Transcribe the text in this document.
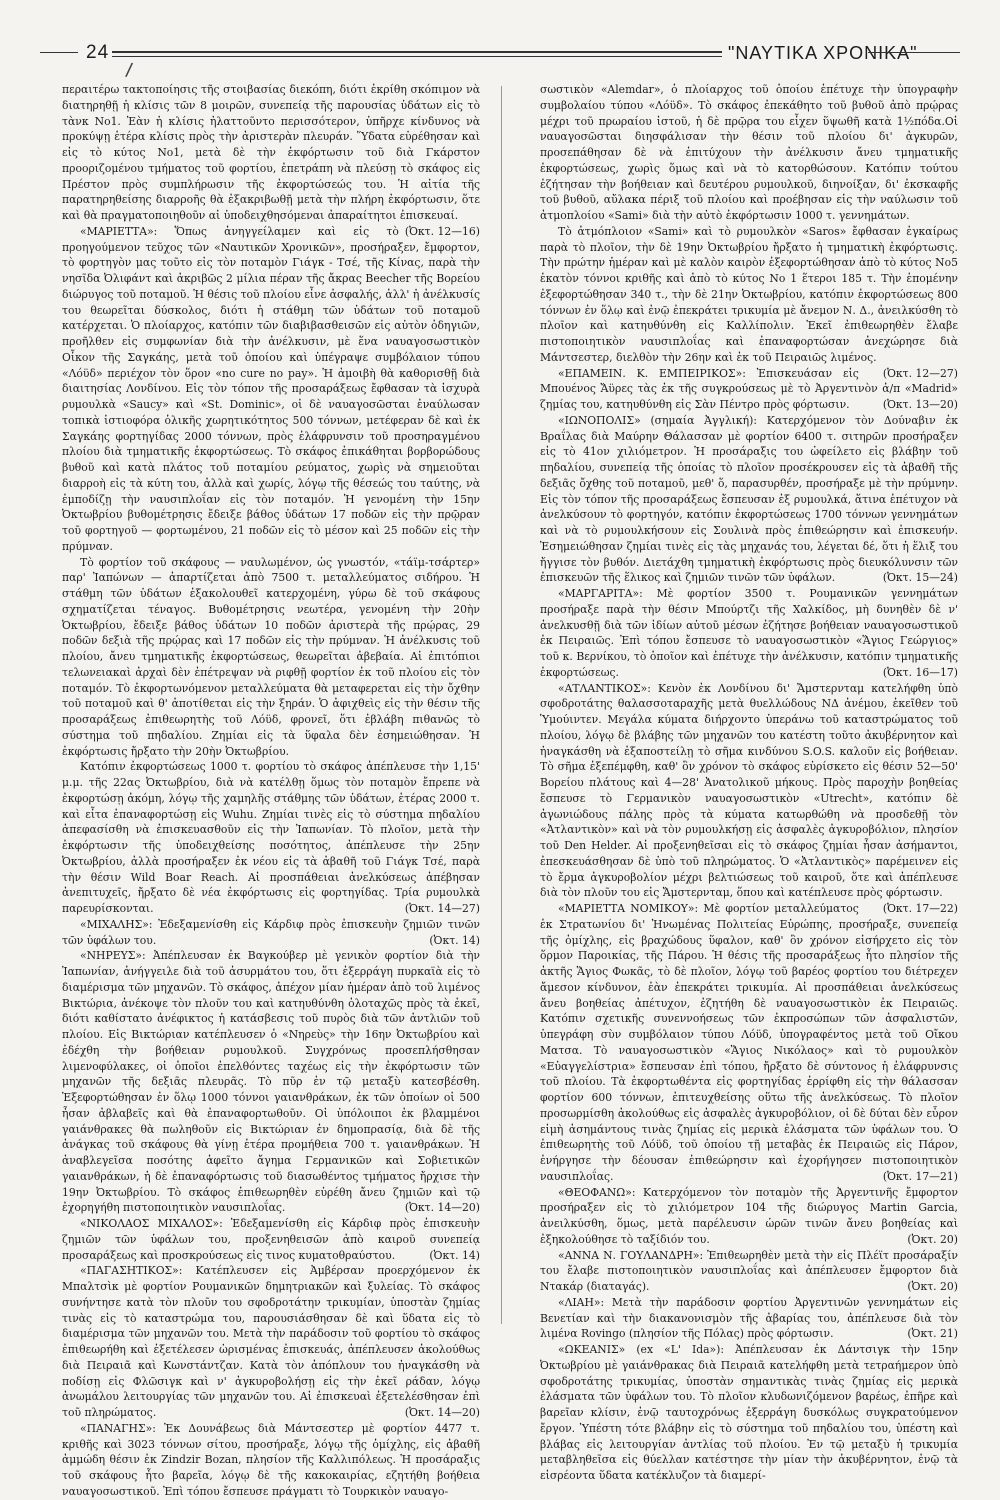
24
/
"ΝΑΥΤΙΚΑ ΧΡΟΝΙΚΑ"

περαιτέρω τακτοποίησις τῆς στοιβασίας διεκόπη, διότι ἐκρίθη σκόπιμον νὰ διατηρηθῇ ἡ κλίσις τῶν 8 μοιρῶν, συνεπείᾳ τῆς παρουσίας ὑδάτων εἰς τὸ τὰνκ Νο1. Ἐὰν ἡ κλίσις ἠλαττοῦντο περισσότερον, ὑπῆρχε κίνδυνος νὰ προκύψῃ ἑτέρα κλίσις πρὸς τὴν ἀριστερὰν πλευράν. Ὕδατα εὑρέθησαν καὶ εἰς τὸ κύτος Νο1, μετὰ δὲ τὴν ἐκφόρτωσιν τοῦ διὰ Γκάρστον προοριζομένου τμήματος τοῦ φορτίου, ἐπετράπη νὰ πλεύσῃ τὸ σκάφος εἰς Πρέστον πρὸς συμπλήρωσιν τῆς ἐκφορτώσεώς του. Ἡ αἰτία τῆς παρατηρηθείσης διαρροῆς θὰ ἐξακριβωθῇ μετὰ τὴν πλήρη ἐκφόρτωσιν, ὅτε καὶ θὰ πραγματοποιηθοῦν αἱ ὑποδειχθησόμεναι ἀπαραίτητοι ἐπισκευαί.
(Ὀκτ. 12—16)

«ΜΑΡΙΕΤΤΑ»: Ὅπως ἀνηγγείλαμεν καὶ εἰς τὸ προηγούμενον τεῦχος τῶν «Ναυτικῶν Χρονικῶν», προσήραξεν, ἔμφορτον, τὸ φορτηγὸν μας τοῦτο εἰς τὸν ποταμὸν Γιάγκ - Τσέ, τῆς Κίνας, παρὰ τὴν νησῖδα Ὀλιφάντ καὶ ἀκριβῶς 2 μίλια πέραν τῆς ἄκρας Beecher τῆς Βορείου διώρυγος τοῦ ποταμοῦ. Ἡ θέσις τοῦ πλοίου εἶνε ἀσφαλής, ἀλλ' ἡ ἀνέλκυσίς του θεωρεῖται δύσκολος, διότι ἡ στάθμη τῶν ὑδάτων τοῦ ποταμοῦ κατέρχεται. Ὁ πλοίαρχος, κατόπιν τῶν διαβιβασθεισῶν εἰς αὐτὸν ὁδηγιῶν, προῆλθεν εἰς συμφωνίαν διὰ τὴν ἀνέλκυσιν, μὲ ἕνα ναυαγοσωστικὸν Οἶκον τῆς Σαγκάης, μετὰ τοῦ ὁποίου καὶ ὑπέγραψε συμβόλαιον τύπου «Λόϋδ» περιέχον τὸν ὅρον «no cure no pay». Ἡ ἀμοιβὴ θὰ καθορισθῇ διὰ διαιτησίας Λονδίνου. Εἰς τὸν τόπον τῆς προσαράξεως ἔφθασαν τὰ ἰσχυρὰ ρυμουλκὰ «Saucy» καὶ «St. Dominic», οἱ δὲ ναυαγοσῶσται ἐναύλωσαν τοπικὰ ἱστιοφόρα ὁλικῆς χωρητικότητος 500 τόννων, μετέφεραν δὲ καὶ ἐκ Σαγκάης φορτηγίδας 2000 τόννων, πρὸς ἐλάφρυνσιν τοῦ προσηραγμένου πλοίου διὰ τμηματικῆς ἐκφορτώσεως. Τὸ σκάφος ἐπικάθηται βορβορώδους βυθοῦ καὶ κατὰ πλάτος τοῦ ποταμίου ρεύματος, χωρὶς νὰ σημειοῦται διαρροὴ εἰς τὰ κύτη του, ἀλλὰ καὶ χωρίς, λόγῳ τῆς θέσεώς του ταύτης, νὰ ἐμποδίζῃ τὴν ναυσιπλοΐαν εἰς τὸν ποταμόν. Ἡ γενομένη τὴν 15ην Ὀκτωβρίου βυθομέτρησις ἔδειξε βάθος ὑδάτων 17 ποδῶν εἰς τὴν πρῷραν τοῦ φορτηγοῦ — φορτωμένου, 21 ποδῶν εἰς τὸ μέσον καὶ 25 ποδῶν εἰς τὴν πρύμναν.

Τὸ φορτίον τοῦ σκάφους — ναυλωμένον, ὡς γνωστόν, «τάϊμ-τσάρτερ» παρ' Ἰαπώνων — ἀπαρτίζεται ἀπὸ 7500 τ. μεταλλεύματος σιδήρου. Ἡ στάθμη τῶν ὑδάτων ἐξακολουθεῖ κατερχομένη, γύρω δὲ τοῦ σκάφους σχηματίζεται τέναγος. Βυθομέτρησις νεωτέρα, γενομένη τὴν 20ὴν Ὀκτωβρίου, ἔδειξε βάθος ὑδάτων 10 ποδῶν ἀριστερὰ τῆς πρῴρας, 29 ποδῶν δεξιὰ τῆς πρῴρας καὶ 17 ποδῶν εἰς τὴν πρύμναν. Ἡ ἀνέλκυσις τοῦ πλοίου, ἄνευ τμηματικῆς ἐκφορτώσεως, θεωρεῖται ἀβεβαία. Αἱ ἐπιτόπιοι τελωνειακαὶ ἀρχαὶ δὲν ἐπέτρεψαν νὰ ριφθῇ φορτίον ἐκ τοῦ πλοίου εἰς τὸν ποταμόν. Τὸ ἐκφορτωνόμενον μεταλλεύματα θὰ μεταφερεται εἰς τὴν ὄχθην τοῦ ποταμοῦ καὶ θ' ἀποτίθεται εἰς τὴν ξηράν. Ὁ ἀφιχθεὶς εἰς τὴν θέσιν τῆς προσαράξεως ἐπιθεωρητὴς τοῦ Λόϋδ, φρονεῖ, ὅτι ἐβλάβη πιθανῶς τὸ σύστημα τοῦ πηδαλίου. Ζημίαι εἰς τὰ ὕφαλα δὲν ἐσημειώθησαν. Ἡ ἐκφόρτωσις ἤρξατο τὴν 20ὴν Ὀκτωβρίου.

Κατόπιν ἐκφορτώσεως 1000 τ. φορτίου τὸ σκάφος ἀπέπλευσε τὴν 1,15' μ.μ. τῆς 22ας Ὀκτωβρίου, διὰ νὰ κατέλθῃ ὅμως τὸν ποταμὸν ἔπρεπε νὰ ἐκφορτώσῃ ἀκόμη, λόγῳ τῆς χαμηλῆς στάθμης τῶν ὑδάτων, ἑτέρας 2000 τ. καὶ εἶτα ἐπαναφορτώσῃ εἰς Wuhu. Ζημίαι τινὲς εἰς τὸ σύστημα πηδαλίου ἀπεφασίσθη νὰ ἐπισκευασθοῦν εἰς τὴν Ἰαπωνίαν. Τὸ πλοῖον, μετὰ τὴν ἐκφόρτωσιν τῆς ὑποδειχθείσης ποσότητος, ἀπέπλευσε τὴν 25ην Ὀκτωβρίου, ἀλλὰ προσήραξεν ἐκ νέου εἰς τὰ ἀβαθῆ τοῦ Γιάγκ Τσέ, παρὰ τὴν θέσιν Wild Boar Reach. Αἱ προσπάθειαι ἀνελκύσεως ἀπέβησαν ἀνεπιτυχεῖς, ἤρξατο δὲ νέα ἐκφόρτωσις εἰς φορτηγίδας. Τρία ρυμουλκὰ παρευρίσκονται.	(Ὀκτ. 14—27)

«ΜΙΧΑΛΗΣ»: Ἐδεξαμενίσθη εἰς Κάρδιφ πρὸς ἐπισκευὴν ζημιῶν τινῶν τῶν ὑφάλων του.	(Ὀκτ. 14)

«ΝΗΡΕΥΣ»: Ἀπέπλευσαν ἐκ Βαγκούβερ μὲ γενικὸν φορτίον διὰ τὴν Ἰαπωνίαν, ἀνήγγειλε διὰ τοῦ ἀσυρμάτου του, ὅτι ἐξερράγη πυρκαϊὰ εἰς τὸ διαμέρισμα τῶν μηχανῶν. Τὸ σκάφος, ἀπέχον μίαν ἡμέραν ἀπὸ τοῦ λιμένος Βικτώρια, ἀνέκοψε τὸν πλοῦν του καὶ κατηυθύνθη ὁλοταχῶς πρὸς τὰ ἐκεῖ, διότι καθίστατο ἀνέφικτος ἡ κατάσβεσις τοῦ πυρὸς διὰ τῶν ἀντλιῶν τοῦ πλοίου. Εἰς Βικτώριαν κατέπλευσεν ὁ «Νηρεὺς» τὴν 16ην Ὀκτωβρίου καὶ ἐδέχθη τὴν βοήθειαν ρυμουλκοῦ. Συγχρόνως προσεπλήσθησαν λιμενοφύλακες, οἱ ὁποῖοι ἐπελθόντες ταχέως εἰς τὴν ἐκφόρτωσιν τῶν μηχανῶν τῆς δεξιᾶς πλευρᾶς. Τὸ πῦρ ἐν τῷ μεταξὺ κατεσβέσθη. Ἐξεφορτώθησαν ἐν ὅλῳ 1000 τόννοι γαιανθράκων, ἐκ τῶν ὁποίων οἱ 500 ἦσαν ἀβλαβεῖς καὶ θὰ ἐπαναφορτωθοῦν. Οἱ ὑπόλοιποι ἐκ βλαμμένοι γαιάνθρακες θὰ πωληθοῦν εἰς Βικτώριαν ἐν δημοπρασίᾳ, διὰ δὲ τῆς ἀνάγκας τοῦ σκάφους θὰ γίνῃ ἑτέρα προμήθεια 700 τ. γαιανθράκων. Ἡ ἀναβλεγεῖσα ποσότης ἀφεῖτο ἄγημα Γερμανικῶν καὶ Σοβιετικῶν γαιανθράκων, ἡ δὲ ἐπαναφόρτωσις τοῦ διασωθέντος τμήματος ἤρχισε τὴν 19ην Ὀκτωβρίου. Τὸ σκάφος ἐπιθεωρηθὲν εὑρέθη ἄνευ ζημιῶν καὶ τῷ ἐχορηγήθη πιστοποιητικὸν ναυσιπλοΐας.	(Ὀκτ. 14—20)

«ΝΙΚΟΛΑΟΣ ΜΙΧΑΛΟΣ»: Ἐδεξαμενίσθη εἰς Κάρδιφ πρὸς ἐπισκευὴν ζημιῶν τῶν ὑφάλων του, προξενηθεισῶν ἀπὸ καιροῦ συνεπείᾳ προσαράξεως καὶ προσκρούσεως εἰς τινος κυματοθραύστου.	(Ὀκτ. 14)

«ΠΑΓΑΣΗΤΙΚΟΣ»: Κατέπλευσεν εἰς Ἀμβέρσαν προερχόμενον ἐκ Μπαλτσὶκ μὲ φορτίον Ρουμανικῶν δημητριακῶν καὶ ξυλείας. Τὸ σκάφος συνήντησε κατὰ τὸν πλοῦν του σφοδροτάτην τρικυμίαν, ὑποστὰν ζημίας τινὰς εἰς τὸ καταστρώμα του, παρουσιάσθησαν δὲ καὶ ὕδατα εἰς τὸ διαμέρισμα τῶν μηχανῶν του. Μετὰ τὴν παράδοσιν τοῦ φορτίου τὸ σκάφος ἐπιθεωρήθη καὶ ἐξετέλεσεν ὡρισμένας ἐπισκευάς, ἀπέπλευσεν ἀκολούθως διὰ Πειραιᾶ καὶ Κωνστάντζαν. Κατὰ τὸν ἀπόπλουν του ἠναγκάσθη νὰ ποδίσῃ εἰς Φλῶσιγκ καὶ ν' ἀγκυροβολήσῃ εἰς τὴν ἐκεῖ ράδαν, λόγῳ ἀνωμάλου λειτουργίας τῶν μηχανῶν του. Αἱ ἐπισκευαὶ ἐξετελέσθησαν ἐπὶ τοῦ πληρώματος.	(Ὀκτ. 14—20)

«ΠΑΝΑΓΗΣ»: Ἐκ Δουνάβεως διὰ Μάντσεστερ μὲ φορτίον 4477 τ. κριθῆς καὶ 3023 τόννων σίτου, προσήραξε, λόγῳ τῆς ὁμίχλης, εἰς ἀβαθῆ ἀμμώδη θέσιν ἐκ Zindzir Bozan, πλησίον τῆς Καλλιπόλεως. Ἡ προσάραξις τοῦ σκάφους ἦτο βαρεῖα, λόγῳ δὲ τῆς κακοκαιρίας, εζητήθη βοήθεια ναυαγοσωστικοῦ. Ἐπὶ τόπου ἔσπευσε πράγματι τὸ Τουρκικὸν ναυαγο-

σωστικὸν «Alemdar», ὁ πλοίαρχος τοῦ ὁποίου ἐπέτυχε τὴν ὑπογραφὴν συμβολαίου τύπου «Λόϋδ». Τὸ σκάφος ἐπεκάθητο τοῦ βυθοῦ ἀπὸ πρῴρας μέχρι τοῦ πρωραίου ἱστοῦ, ἡ δὲ πρῷρα του εἶχεν ὕψωθῆ κατὰ 1½πόδα.Οἱ ναυαγοσῶσται διησφάλισαν τὴν θέσιν τοῦ πλοίου δι' ἀγκυρῶν, προσεπάθησαν δὲ νὰ ἐπιτύχουν τὴν ἀνέλκυσιν ἄνευ τμηματικῆς ἐκφορτώσεως, χωρὶς ὅμως καὶ νὰ τὸ κατορθώσουν. Κατόπιν τούτου ἐζήτησαν τὴν βοήθειαν καὶ δευτέρου ρυμουλκοῦ, διηνοίξαν, δι' ἐκσκαφῆς τοῦ βυθοῦ, αὔλακα πέριξ τοῦ πλοίου καὶ προέβησαν εἰς τὴν ναύλωσιν τοῦ ἀτμοπλοίου «Sami» διὰ τὴν αὐτὸ ἐκφόρτωσιν 1000 τ. γεννημάτων.

Τὸ ἀτμόπλοιον «Sami» καὶ τὸ ρυμουλκὸν «Saros» ἔφθασαν ἐγκαίρως παρὰ τὸ πλοῖον, τὴν δὲ 19ην Ὀκτωβρίου ἤρξατο ἡ τμηματικὴ ἐκφόρτωσις. Τὴν πρώτην ἡμέραν καὶ μὲ καλὸν καιρὸν ἐξεφορτώθησαν ἀπὸ τὸ κύτος Νο5 ἑκατὸν τόννοι κριθῆς καὶ ἀπὸ τὸ κύτος Νο 1 ἕτεροι 185 τ. Τὴν ἑπομένην ἐξεφορτώθησαν 340 τ., τὴν δὲ 21ην Ὀκτωβρίου, κατόπιν ἐκφορτώσεως 800 τόννων ἐν ὅλῳ καὶ ἐνῷ ἐπεκράτει τρικυμία μὲ ἄνεμον Ν. Δ., ἀνειλκύσθη τὸ πλοῖον καὶ κατηυθύνθη εἰς Καλλίπολιν. Ἐκεῖ ἐπιθεωρηθὲν ἔλαβε πιστοποιητικὸν ναυσιπλοΐας καὶ ἐπαναφορτώσαν ἀνεχώρησε διὰ Μάντσεστερ, διελθὸν τὴν 26ην καὶ ἐκ τοῦ Πειραιῶς λιμένος.
(Ὀκτ. 12—27)

«ΕΠΑΜΕΙΝ. Κ. ΕΜΠΕΙΡΙΚΟΣ»: Ἐπισκευάσαν εἰς Μπουένος Ἄϋρες τὰς ἐκ τῆς συγκρούσεως μὲ τὸ Ἀργεντινὸν ἀ/π «Madrid» ζημίας του, κατηυθύνθη εἰς Σὰν Πέντρο πρὸς φόρτωσιν.	(Ὀκτ. 13—20)

«ΙΩΝΟΠΟΛΙΣ» (σημαία Ἀγγλική): Κατερχόμενον τὸν Δούναβιν ἐκ Βραΐλας διὰ Μαύρην Θάλασσαν μὲ φορτίον 6400 τ. σιτηρῶν προσήραξεν εἰς τὸ 41ον χιλιόμετρον. Ἡ προσάραξις του ὠφείλετο εἰς βλάβην τοῦ πηδαλίου, συνεπείᾳ τῆς ὁποίας τὸ πλοῖον προσέκρουσεν εἰς τὰ ἀβαθῆ τῆς δεξιᾶς ὄχθης τοῦ ποταμοῦ, μεθ' ὅ, παρασυρθέν, προσήραξε μὲ τὴν πρύμνην. Εἰς τὸν τόπον τῆς προσαράξεως ἔσπευσαν ἐξ ρυμουλκά, ἅτινα ἐπέτυχον νὰ ἀνελκύσουν τὸ φορτηγόν, κατόπιν ἐκφορτώσεως 1700 τόννων γεννημάτων καὶ νὰ τὸ ρυμουλκήσουν εἰς Σουλινὰ πρὸς ἐπιθεώρησιν καὶ ἐπισκευήν. Ἐσημειώθησαν ζημίαι τινὲς εἰς τὰς μηχανάς του, λέγεται δέ, ὅτι ἡ ἕλιξ του ἤγγισε τὸν βυθόν. Διετάχθη τμηματικὴ ἐκφόρτωσις πρὸς διευκόλυνσιν τῶν ἐπισκευῶν τῆς ἕλικος καὶ ζημιῶν τινῶν τῶν ὑφάλων.	(Ὀκτ. 15—24)

«ΜΑΡΓΑΡΙΤΑ»: Μὲ φορτίον 3500 τ. Ρουμανικῶν γεννημάτων προσήραξε παρὰ τὴν θέσιν Μπούρτζι τῆς Χαλκίδος, μὴ δυνηθὲν δὲ ν' ἀνελκυσθῇ διὰ τῶν ἰδίων αὐτοῦ μέσων ἐζήτησε βοήθειαν ναυαγοσωστικοῦ ἐκ Πειραιῶς. Ἐπὶ τόπου ἔσπευσε τὸ ναυαγοσωστικὸν «Ἅγιος Γεώργιος» τοῦ κ. Βερνίκου, τὸ ὁποῖον καὶ ἐπέτυχε τὴν ἀνέλκυσιν, κατόπιν τμηματικῆς ἐκφορτώσεως.	(Ὀκτ. 16—17)

«ΑΤΛΑΝΤΙΚΟΣ»: Κενὸν ἐκ Λονδίνου δι' Ἄμστερνταμ κατελήφθη ὑπὸ σφοδροτάτης θαλασσοταραχῆς μετὰ θυελλώδους ΝΔ ἀνέμου, ἐκεῖθεν τοῦ Ὑμούιντεν. Μεγάλα κύματα διήρχοντο ὑπεράνω τοῦ καταστρώματος τοῦ πλοίου, λόγῳ δὲ βλάβης τῶν μηχανῶν του κατέστη τοῦτο ἀκυβέρνητον καὶ ἠναγκάσθη νὰ ἐξαποστείλῃ τὸ σῆμα κινδύνου S.O.S. καλοῦν εἰς βοήθειαν. Τὸ σῆμα ἐξεπέμφθη, καθ' ὃν χρόνον τὸ σκάφος εὑρίσκετο εἰς θέσιν 52—50' Βορείου πλάτους καὶ 4—28' Ἀνατολικοῦ μήκους. Πρὸς παροχὴν βοηθείας ἔσπευσε τὸ Γερμανικὸν ναυαγοσωστικὸν «Utrecht», κατόπιν δὲ ἀγωνιώδους πάλης πρὸς τὰ κύματα κατωρθώθη νὰ προσδεθῇ τὸν «Ἀτλαντικὸν» καὶ νὰ τὸν ρυμουλκήσῃ εἰς ἀσφαλὲς ἀγκυροβόλιον, πλησίον τοῦ Den Helder. Αἱ προξενηθεῖσαι εἰς τὸ σκάφος ζημίαι ἦσαν ἀσήμαντοι, ἐπεσκευάσθησαν δὲ ὑπὸ τοῦ πληρώματος. Ὁ «Ἀτλαντικὸς» παρέμεινεν εἰς τὸ ἔρμα ἀγκυροβολίον μέχρι βελτιώσεως τοῦ καιροῦ, ὅτε καὶ ἀπέπλευσε διὰ τὸν πλοῦν του εἰς Ἄμστερνταμ, ὅπου καὶ κατέπλευσε πρὸς φόρτωσιν.
(Ὀκτ. 17—22)

«ΜΑΡΙΕΤΤΑ ΝΟΜΙΚΟΥ»: Μὲ φορτίον μεταλλεύματος ἐκ Στρατωνίου δι' Ἡνωμένας Πολιτείας Εὐρώπης, προσήραξε, συνεπείᾳ τῆς ὁμίχλης, εἰς βραχώδους ὕφαλον, καθ' ὃν χρόνον εἰσήρχετο εἰς τὸν ὅρμον Παροικίας, τῆς Πάρου. Ἡ θέσις τῆς προσαράξεως ἦτο πλησίον τῆς ἀκτῆς Ἅγιος Φωκᾶς, τὸ δὲ πλοῖον, λόγῳ τοῦ βαρέος φορτίου του διέτρεχεν ἄμεσον κίνδυνον, ἐὰν ἐπεκράτει τρικυμία. Αἱ προσπάθειαι ἀνελκύσεως ἄνευ βοηθείας ἀπέτυχον, ἐζητήθη δὲ ναυαγοσωστικὸν ἐκ Πειραιῶς. Κατόπιν σχετικῆς συνεννοήσεως τῶν ἐκπροσώπων τῶν ἀσφαλιστῶν, ὑπεγράφη σὺν συμβόλαιον τύπου Λόϋδ, ὑπογραφέντος μετὰ τοῦ Οἴκου Ματσα. Τὸ ναυαγοσωστικὸν «Ἅγιος Νικόλαος» καὶ τὸ ρυμουλκὸν «Εὐαγγελίστρια» ἔσπευσαν ἐπὶ τόπου, ἤρξατο δὲ σύντονος ἡ ἐλάφρυνσις τοῦ πλοίου. Τὰ ἐκφορτωθέντα εἰς φορτηγίδας ἐρρίφθη εἰς τὴν θάλασσαν φορτίον 600 τόννων, ἐπιτευχθείσης οὕτω τῆς ἀνελκύσεως. Τὸ πλοῖον προσωρμίσθη ἀκολούθως εἰς ἀσφαλὲς ἀγκυροβόλιον, οἱ δὲ δύται δὲν εὗρον εἰμὴ ἀσημάντους τινὰς ζημίας εἰς μερικὰ ἐλάσματα τῶν ὑφάλων του. Ὁ ἐπιθεωρητὴς τοῦ Λόϋδ, τοῦ ὁποίου τῇ μεταβὰς ἐκ Πειραιῶς εἰς Πάρον, ἐνήργησε τὴν δέουσαν ἐπιθεώρησιν καὶ ἐχορήγησεν πιστοποιητικὸν ναυσιπλοΐας.	(Ὀκτ. 17—21)

«ΘΕΟΦΑΝΩ»: Κατερχόμενον τὸν ποταμὸν τῆς Ἀργεντινῆς ἔμφορτον προσήραξεν εἰς τὸ χιλιόμετρον 104 τῆς διώρυγος Martin Garcia, ἀνειλκύσθη, ὅμως, μετὰ παρέλευσιν ὡρῶν τινῶν ἄνευ βοηθείας καὶ ἐξηκολούθησε τὸ ταξίδιόν του.	(Ὀκτ. 20)

«ΑΝΝΑ Ν. ΓΟΥΛΑΝΔΡΗ»: Ἐπιθεωρηθὲν μετὰ τὴν εἰς Πλέϊτ προσάραξίν του ἔλαβε πιστοποιητικὸν ναυσιπλοΐας καὶ ἀπέπλευσεν ἔμφορτον διὰ Ντακάρ (διαταγάς).	(Ὀκτ. 20)

«ΛΙΑΗ»: Μετὰ τὴν παράδοσιν φορτίου Ἀργεντινῶν γεννημάτων εἰς Βενετίαν καὶ τὴν διακανονισμὸν τῆς ἀβαρίας του, ἀπέπλευσε διὰ τὸν λιμένα Rovingo (πλησίον τῆς Πόλας) πρὸς φόρτωσιν.	(Ὀκτ. 21)

«ΩΚΕΑΝΙΣ» (ex «L' Ida»): Ἀπέπλευσαν ἐκ Δάντσιγκ τὴν 15ην Ὀκτωβρίου μὲ γαιάνθρακας διὰ Πειραιᾶ κατελήφθη μετὰ τετραήμερον ὑπὸ σφοδροτάτης τρικυμίας, ὑποστὰν σημαντικὰς τινὰς ζημίας εἰς μερικὰ ἐλάσματα τῶν ὑφάλων του. Τὸ πλοῖον κλυδωνιζόμενον βαρέως, ἐπῆρε καὶ βαρεῖαν κλίσιν, ἐνῷ ταυτοχρόνως ἐξερράγη δυσκόλως συγκρατούμενον ἔργον. Ὑπέστη τότε βλάβην εἰς τὸ σύστημα τοῦ πηδαλίου του, ὑπέστη καὶ βλάβας εἰς λειτουργίαν ἀντλίας τοῦ πλοίου. Ἐν τῷ μεταξὺ ἡ τρικυμία μεταβληθεῖσα εἰς θύελλαν κατέστησε τὴν μίαν τὴν ἀκυβέρνητον, ἐνῷ τὰ εἰσρέοντα ὕδατα κατέκλυζον τὰ διαμερί-
